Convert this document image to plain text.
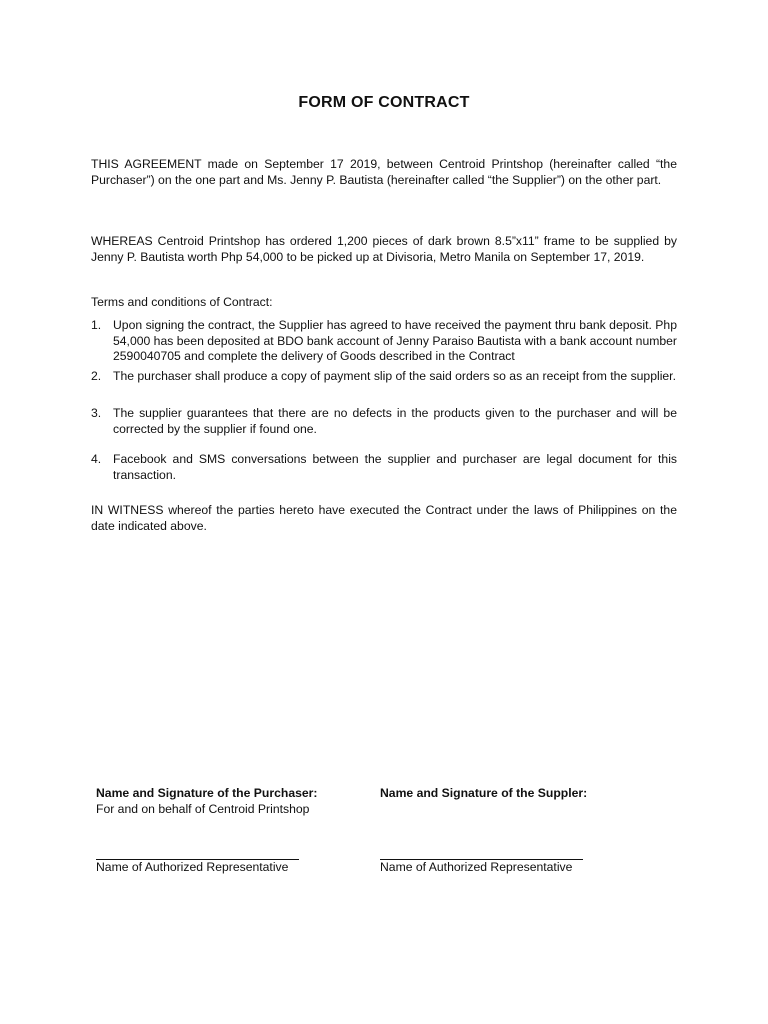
FORM OF CONTRACT
THIS AGREEMENT made on September 17 2019, between Centroid Printshop (hereinafter called “the Purchaser”) on the one part and Ms. Jenny P. Bautista (hereinafter called “the Supplier”) on the other part.
WHEREAS Centroid Printshop has ordered 1,200 pieces of dark brown 8.5”x11” frame to be supplied by Jenny P. Bautista worth Php 54,000 to be picked up at Divisoria, Metro Manila on September 17, 2019.
Terms and conditions of Contract:
1. Upon signing the contract, the Supplier has agreed to have received the payment thru bank deposit. Php 54,000 has been deposited at BDO bank account of Jenny Paraiso Bautista with a bank account number 2590040705 and complete the delivery of Goods described in the Contract
2. The purchaser shall produce a copy of payment slip of the said orders so as an receipt from the supplier.
3. The supplier guarantees that there are no defects in the products given to the purchaser and will be corrected by the supplier if found one.
4. Facebook and SMS conversations between the supplier and purchaser are legal document for this transaction.
IN WITNESS whereof the parties hereto have executed the Contract under the laws of Philippines on the date indicated above.
Name and Signature of the Purchaser:
For and on behalf of Centroid Printshop
Name and Signature of the Suppler:
Name of Authorized Representative	Name of Authorized Representative
